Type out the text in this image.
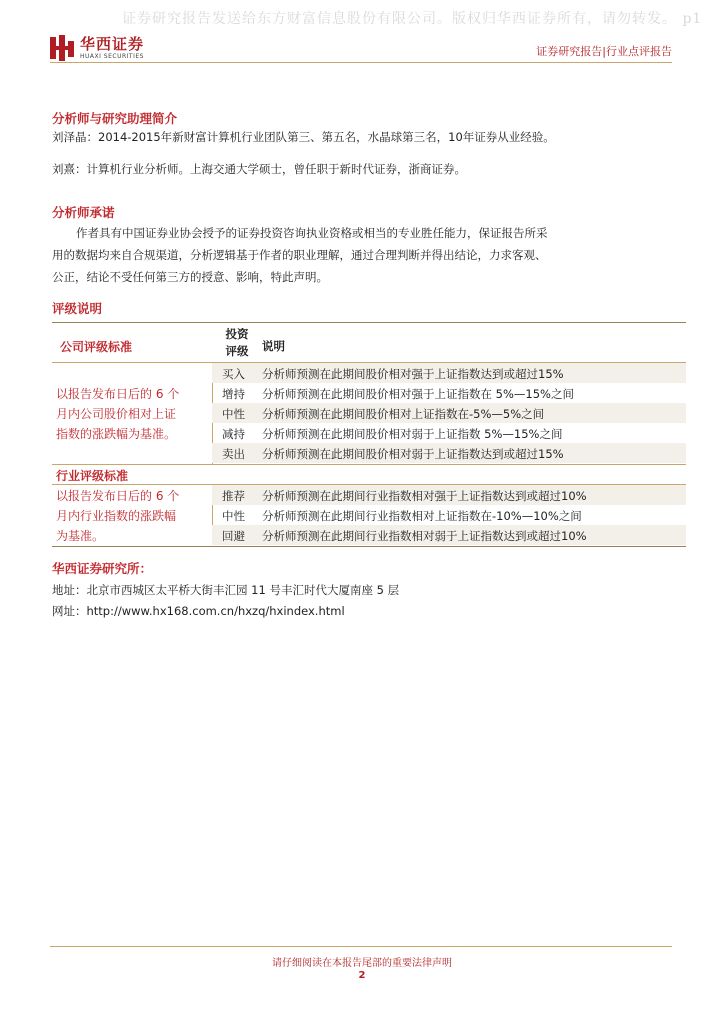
证券研究报告发送给东方财富信息股份有限公司。版权归华西证券所有，请勿转发。 p1
华西证券
HUAXI SECURITIES	证券研究报告|行业点评报告
分析师与研究助理简介
刘泽晶：2014-2015年新财富计算机行业团队第三、第五名，水晶球第三名，10年证券从业经验。
刘熹：计算机行业分析师。上海交通大学硕士，曾任职于新时代证券，浙商证券。
分析师承诺
作者具有中国证券业协会授予的证券投资咨询执业资格或相当的专业胜任能力，保证报告所采
用的数据均来自合规渠道，分析逻辑基于作者的职业理解，通过合理判断并得出结论，力求客观、
公正，结论不受任何第三方的授意、影响，特此声明。
评级说明
公司评级标准
投资
评级	说明
以报告发布日后的 6 个
月内公司股价相对上证
指数的涨跌幅为基准。
买入 分析师预测在此期间股价相对强于上证指数达到或超过15%
增持 分析师预测在此期间股价相对强于上证指数在 5%—15%之间
中性 分析师预测在此期间股价相对上证指数在-5%—5%之间
减持 分析师预测在此期间股价相对弱于上证指数 5%—15%之间
卖出 分析师预测在此期间股价相对弱于上证指数达到或超过15%
行业评级标准
以报告发布日后的 6 个
月内行业指数的涨跌幅
为基准。
推荐 分析师预测在此期间行业指数相对强于上证指数达到或超过10%
中性 分析师预测在此期间行业指数相对上证指数在-10%—10%之间
回避 分析师预测在此期间行业指数相对弱于上证指数达到或超过10%
华西证券研究所：
地址：北京市西城区太平桥大街丰汇园 11 号丰汇时代大厦南座 5 层
网址：http://www.hx168.com.cn/hxzq/hxindex.html
请仔细阅读在本报告尾部的重要法律声明
2
